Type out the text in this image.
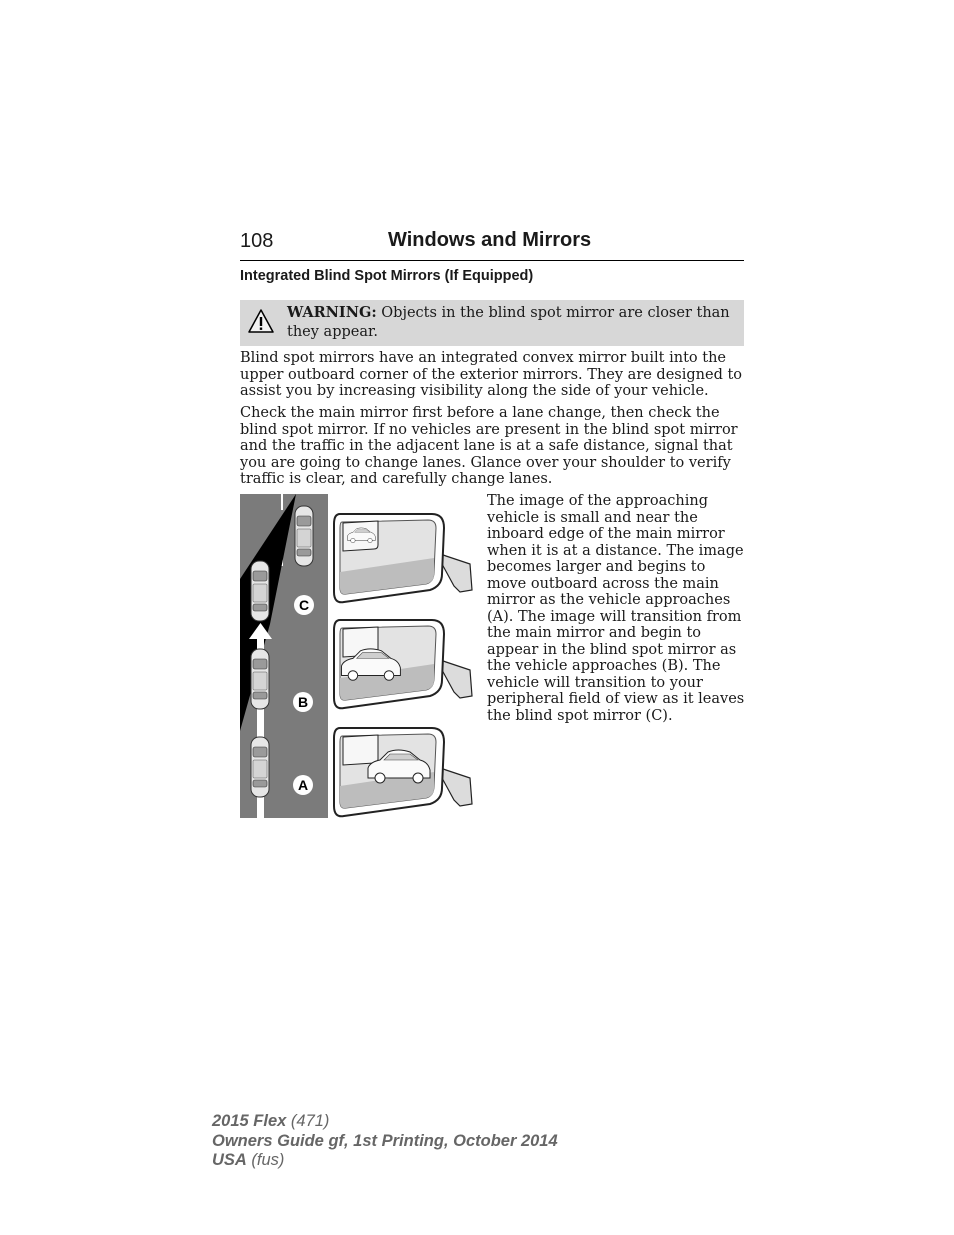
108	Windows and Mirrors
Integrated Blind Spot Mirrors (If Equipped)
WARNING: Objects in the blind spot mirror are closer than they appear.

Blind spot mirrors have an integrated convex mirror built into the upper outboard corner of the exterior mirrors. They are designed to assist you by increasing visibility along the side of your vehicle.

Check the main mirror first before a lane change, then check the blind spot mirror. If no vehicles are present in the blind spot mirror and the traffic in the adjacent lane is at a safe distance, signal that you are going to change lanes. Glance over your shoulder to verify traffic is clear, and carefully change lanes.

C
B
A

The image of the approaching vehicle is small and near the inboard edge of the main mirror when it is at a distance. The image becomes larger and begins to move outboard across the main mirror as the vehicle approaches (A). The image will transition from the main mirror and begin to appear in the blind spot mirror as the vehicle approaches (B). The vehicle will transition to your peripheral field of view as it leaves the blind spot mirror (C).

2015 Flex (471)
Owners Guide gf, 1st Printing, October 2014
USA (fus)
